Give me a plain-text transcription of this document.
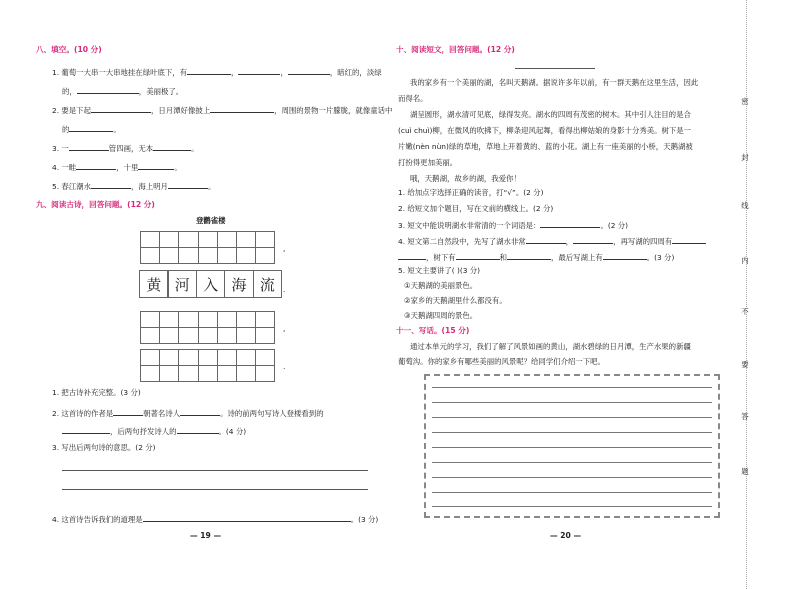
八、填空。(10 分)
1. 葡萄一大串一大串地挂在绿叶底下，有	，	，	，暗红的，淡绿
的，	，美丽极了。
2. 要是下起	，日月潭好像披上	，周围的景物一片朦胧，就像童话中
的	。
3. 一	管四画，无本	。
4. 一畦	，十里	。
5. 春江潮水	，海上明月	。
九、阅读古诗，回答问题。(12 分)
登鹳雀楼

,
黄 河 入 海 流	.

,

.
1. 把古诗补充完整。(3 分)
2. 这首诗的作者是	朝著名诗人	。诗的前两句写诗人登楼看到的
，后两句抒发诗人的	。(4 分)
3. 写出后两句诗的意思。(2 分)
4. 这首诗告诉我们的道理是	。(3 分)
— 19 —
十、阅读短文，回答问题。(12 分)
我的家乡有一个美丽的湖，名叫天鹅湖。据说许多年以前，有一群天鹅在这里生活，因此
而得名。
湖呈圆形，湖水清可见底，绿得发亮。湖水的四周有茂密的树木。其中引人注目的是合
(cuì chuì)柳，在微风的吹拂下，柳条迎风起舞，看得出柳姑娘的身影十分秀美。树下是一
片嫩(nèn nùn)绿的草地，草地上开着黄的、蓝的小花。湖上有一座美丽的小桥，天鹅湖被
打扮得更加美丽。
哦，天鹅湖，故乡的湖，我爱你！
1. 给加点字选择正确的读音，打“√”。(2 分)
2. 给短文加个题目，写在文前的横线上。(2 分)
3. 短文中能说明湖水非常清的一个词语是：	。(2 分)
4. 短文第二自然段中，先写了湖水非常	，	，再写湖的四周有
，树下有	和	，最后写湖上有	。(3 分)
5. 短文主要讲了( )(3 分)
①天鹅湖的美丽景色。
②家乡的天鹅湖里什么都没有。
③天鹅湖四周的景色。
十一、写话。(15 分)
通过本单元的学习，我们了解了风景如画的黄山，湖水碧绿的日月潭，生产水果的新疆
葡萄沟。你的家乡有哪些美丽的风景呢？给同学们介绍一下吧。
— 20 —
密
封
线
内
不
要
答
题
